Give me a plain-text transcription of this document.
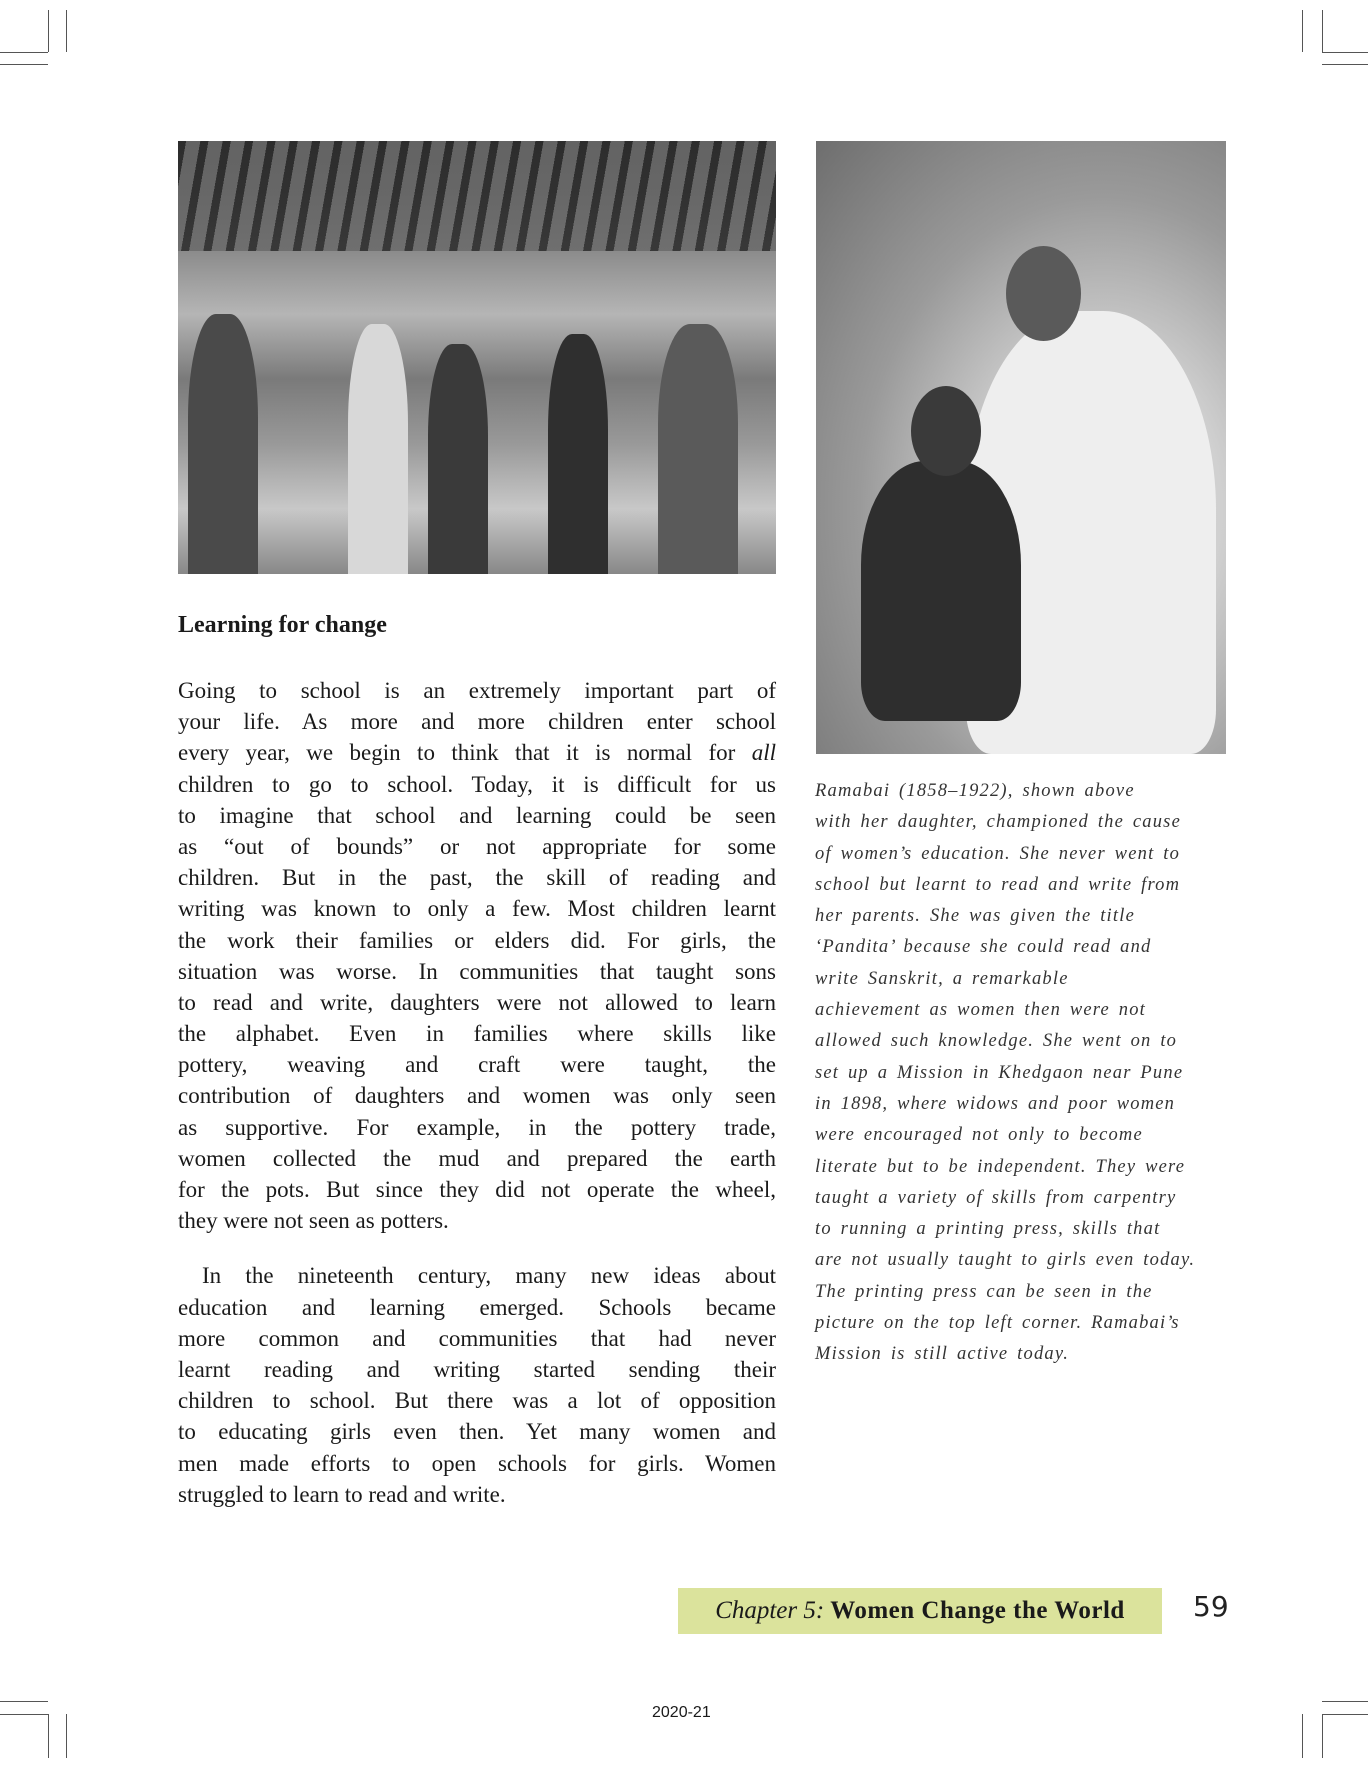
Learning for change
Going to school is an extremely important part of
your life. As more and more children enter school
every year, we begin to think that it is normal for all
children to go to school. Today, it is difficult for us
to imagine that school and learning could be seen
as “out of bounds” or not appropriate for some
children. But in the past, the skill of reading and
writing was known to only a few. Most children learnt
the work their families or elders did. For girls, the
situation was worse. In communities that taught sons
to read and write, daughters were not allowed to learn
the alphabet. Even in families where skills like
pottery, weaving and craft were taught, the
contribution of daughters and women was only seen
as supportive. For example, in the pottery trade,
women collected the mud and prepared the earth
for the pots. But since they did not operate the wheel,
they were not seen as potters.
In the nineteenth century, many new ideas about
education and learning emerged. Schools became
more common and communities that had never
learnt reading and writing started sending their
children to school. But there was a lot of opposition
to educating girls even then. Yet many women and
men made efforts to open schools for girls. Women
struggled to learn to read and write.
Ramabai (1858–1922), shown above
with her daughter, championed the cause
of women’s education. She never went to
school but learnt to read and write from
her parents. She was given the title
‘Pandita’ because she could read and
write Sanskrit, a remarkable
achievement as women then were not
allowed such knowledge. She went on to
set up a Mission in Khedgaon near Pune
in 1898, where widows and poor women
were encouraged not only to become
literate but to be independent. They were
taught a variety of skills from carpentry
to running a printing press, skills that
are not usually taught to girls even today.
The printing press can be seen in the
picture on the top left corner. Ramabai’s
Mission is still active today.
Chapter 5: Women Change the World 59
2020-21
